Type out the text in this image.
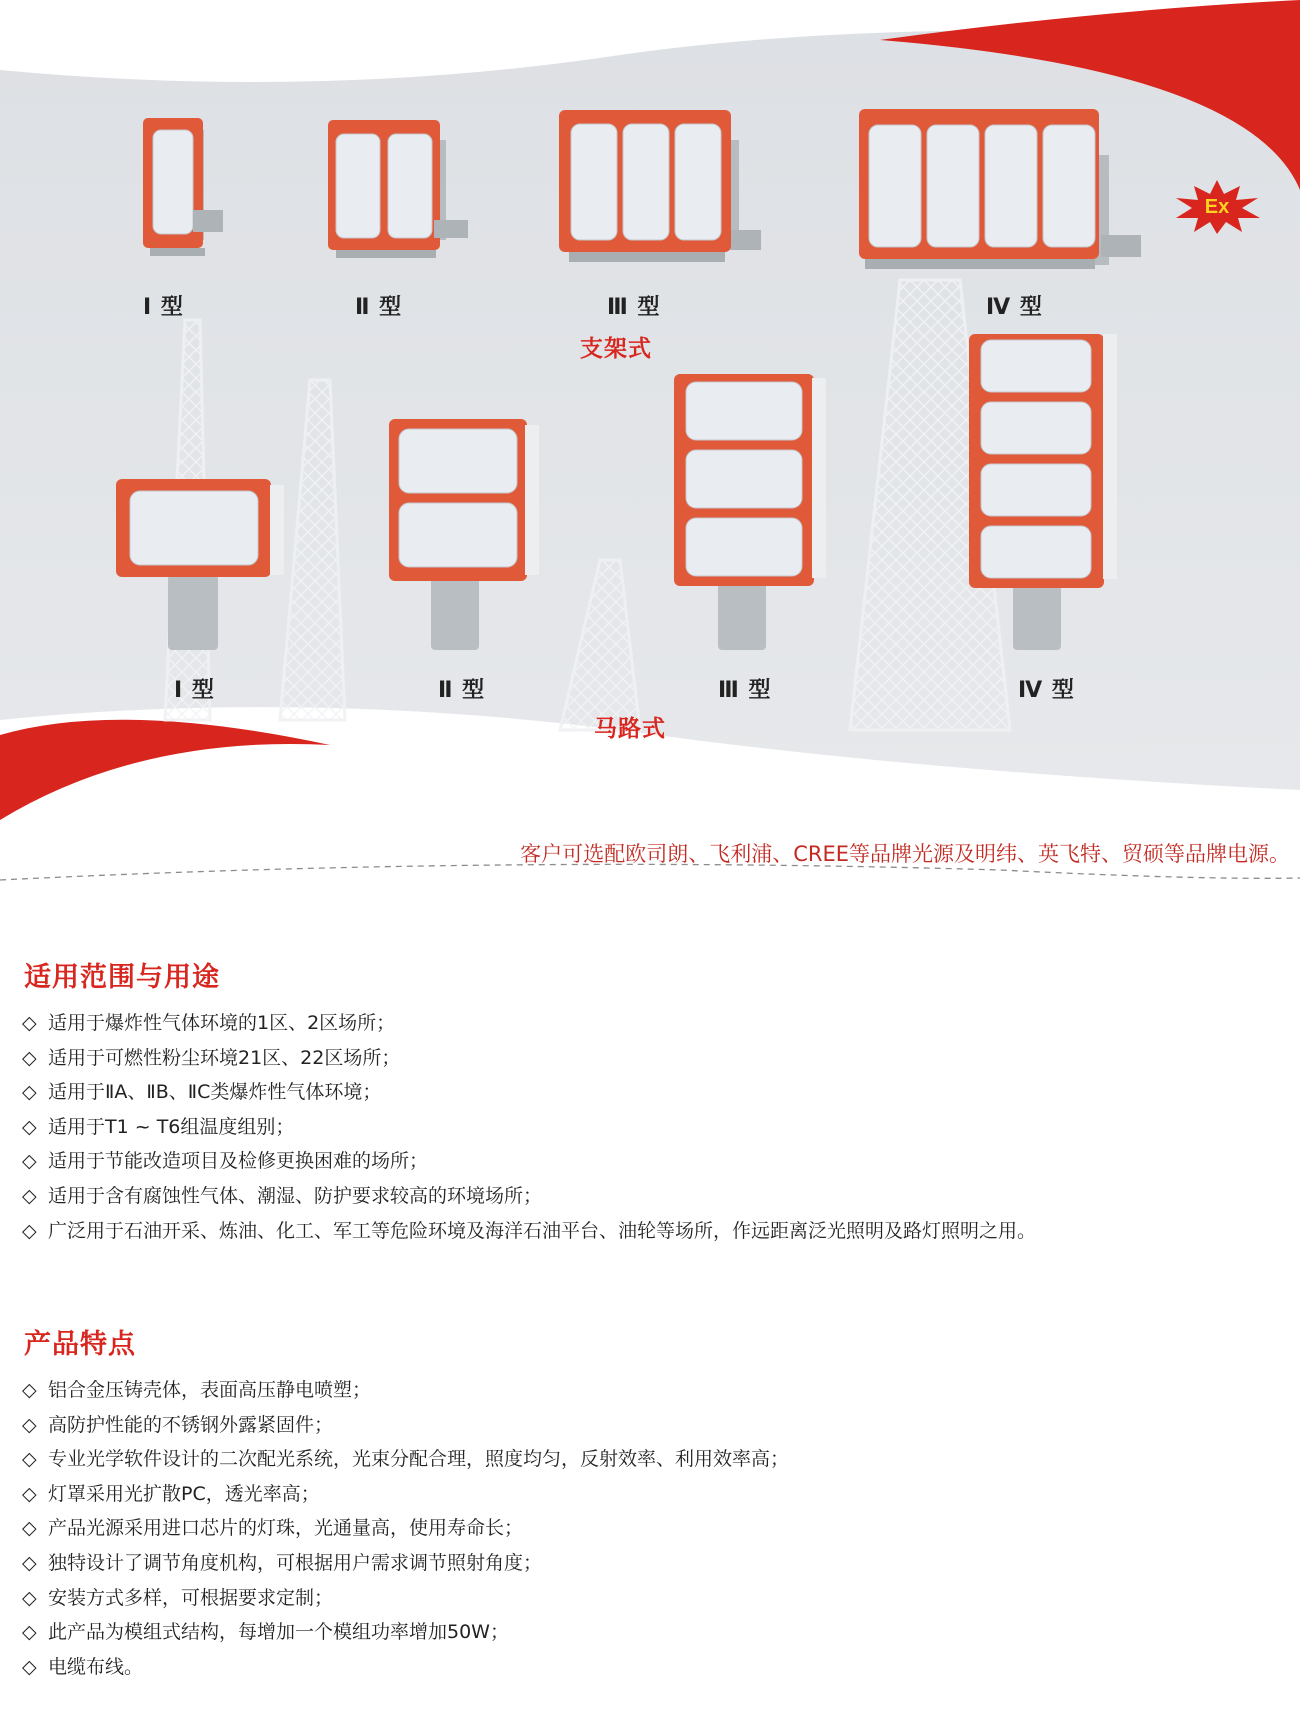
Ⅰ 型	Ⅱ 型	Ⅲ 型	Ⅳ 型
支架式
Ex
Ⅰ 型	Ⅱ 型	Ⅲ 型	Ⅳ 型
马路式
客户可选配欧司朗、飞利浦、CREE等品牌光源及明纬、英飞特、贸硕等品牌电源。
适用范围与用途
◇ 适用于爆炸性气体环境的1区、2区场所；
◇ 适用于可燃性粉尘环境21区、22区场所；
◇ 适用于ⅡA、ⅡB、ⅡC类爆炸性气体环境；
◇ 适用于T1 ~ T6组温度组别；
◇ 适用于节能改造项目及检修更换困难的场所；
◇ 适用于含有腐蚀性气体、潮湿、防护要求较高的环境场所；
◇ 广泛用于石油开采、炼油、化工、军工等危险环境及海洋石油平台、油轮等场所，作远距离泛光照明及路灯照明之用。
产品特点
◇ 铝合金压铸壳体，表面高压静电喷塑；
◇ 高防护性能的不锈钢外露紧固件；
◇ 专业光学软件设计的二次配光系统，光束分配合理，照度均匀，反射效率、利用效率高；
◇ 灯罩采用光扩散PC，透光率高；
◇ 产品光源采用进口芯片的灯珠，光通量高，使用寿命长；
◇ 独特设计了调节角度机构，可根据用户需求调节照射角度；
◇ 安装方式多样，可根据要求定制；
◇ 此产品为模组式结构，每增加一个模组功率增加50W；
◇ 电缆布线。
